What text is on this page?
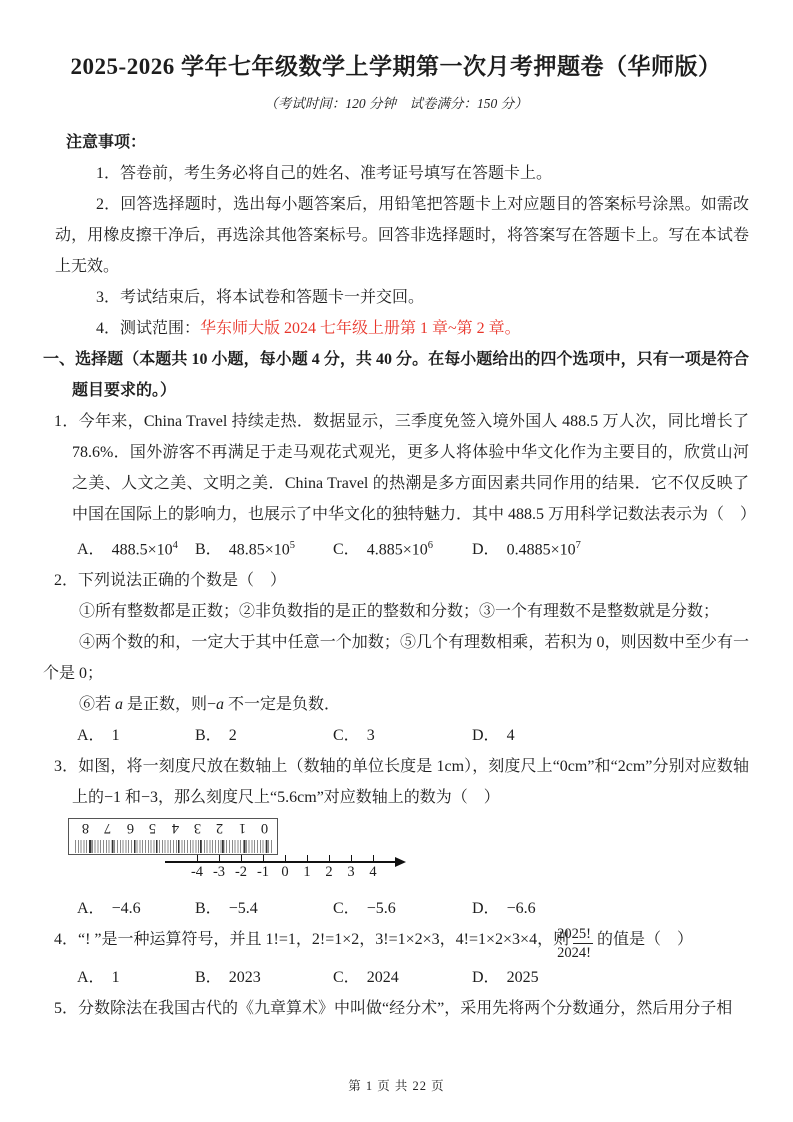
2025-2026 学年七年级数学上学期第一次月考押题卷（华师版）
（考试时间：120 分钟　试卷满分：150 分）
注意事项：

1．答卷前，考生务必将自己的姓名、准考证号填写在答题卡上。

2．回答选择题时，选出每小题答案后，用铅笔把答题卡上对应题目的答案标号涂黑。如需改动，用橡皮擦干净后，再选涂其他答案标号。回答非选择题时，将答案写在答题卡上。写在本试卷上无效。

3．考试结束后，将本试卷和答题卡一并交回。

4．测试范围：华东师大版 2024 七年级上册第 1 章~第 2 章。

一、选择题（本题共 10 小题，每小题 4 分，共 40 分。在每小题给出的四个选项中，只有一项是符合题目要求的。）

1．今年来，China Travel 持续走热．数据显示，三季度免签入境外国人 488.5 万人次，同比增长了 78.6%．国外游客不再满足于走马观花式观光，更多人将体验中华文化作为主要目的，欣赏山河之美、人文之美、文明之美．China Travel 的热潮是多方面因素共同作用的结果．它不仅反映了中国在国际上的影响力，也展示了中华文化的独特魅力．其中 488.5 万用科学记数法表示为（　）

A． $488.5\times 10^4$	B． $48.85\times 10^5$	C． $4.885\times 10^6$	D． $0.4885\times 10^7$

2．下列说法正确的个数是（　）

①所有整数都是正数；②非负数指的是正的整数和分数；③一个有理数不是整数就是分数；

④两个数的和，一定大于其中任意一个加数；⑤几个有理数相乘，若积为 0，则因数中至少有一个是 0；

⑥若 a 是正数，则−a 不一定是负数．

A． 1	B． 2	C． 3	D． 4

3．如图，将一刻度尺放在数轴上（数轴的单位长度是 1cm），刻度尺上“0cm”和“2cm”分别对应数轴上的−1 和−3，那么刻度尺上“5.6cm”对应数轴上的数为（　）

8 7 6 5 4 3 2 1 0
-4 -3 -2 -1 0	1	2	3	4
A． −4.6	B． −5.4	C． −5.6	D． −6.6

4．“! ”是一种运算符号，并且 1!=1，2!=1×2，3!=1×2×3，4!=1×2×3×4，则 $\frac{2025!}{2024!}$ 的值是（　）

A． 1	B． 2023	C． 2024	D． 2025

5．分数除法在我国古代的《九章算术》中叫做“经分术”，采用先将两个分数通分，然后用分子相

第 1 页 共 22 页
